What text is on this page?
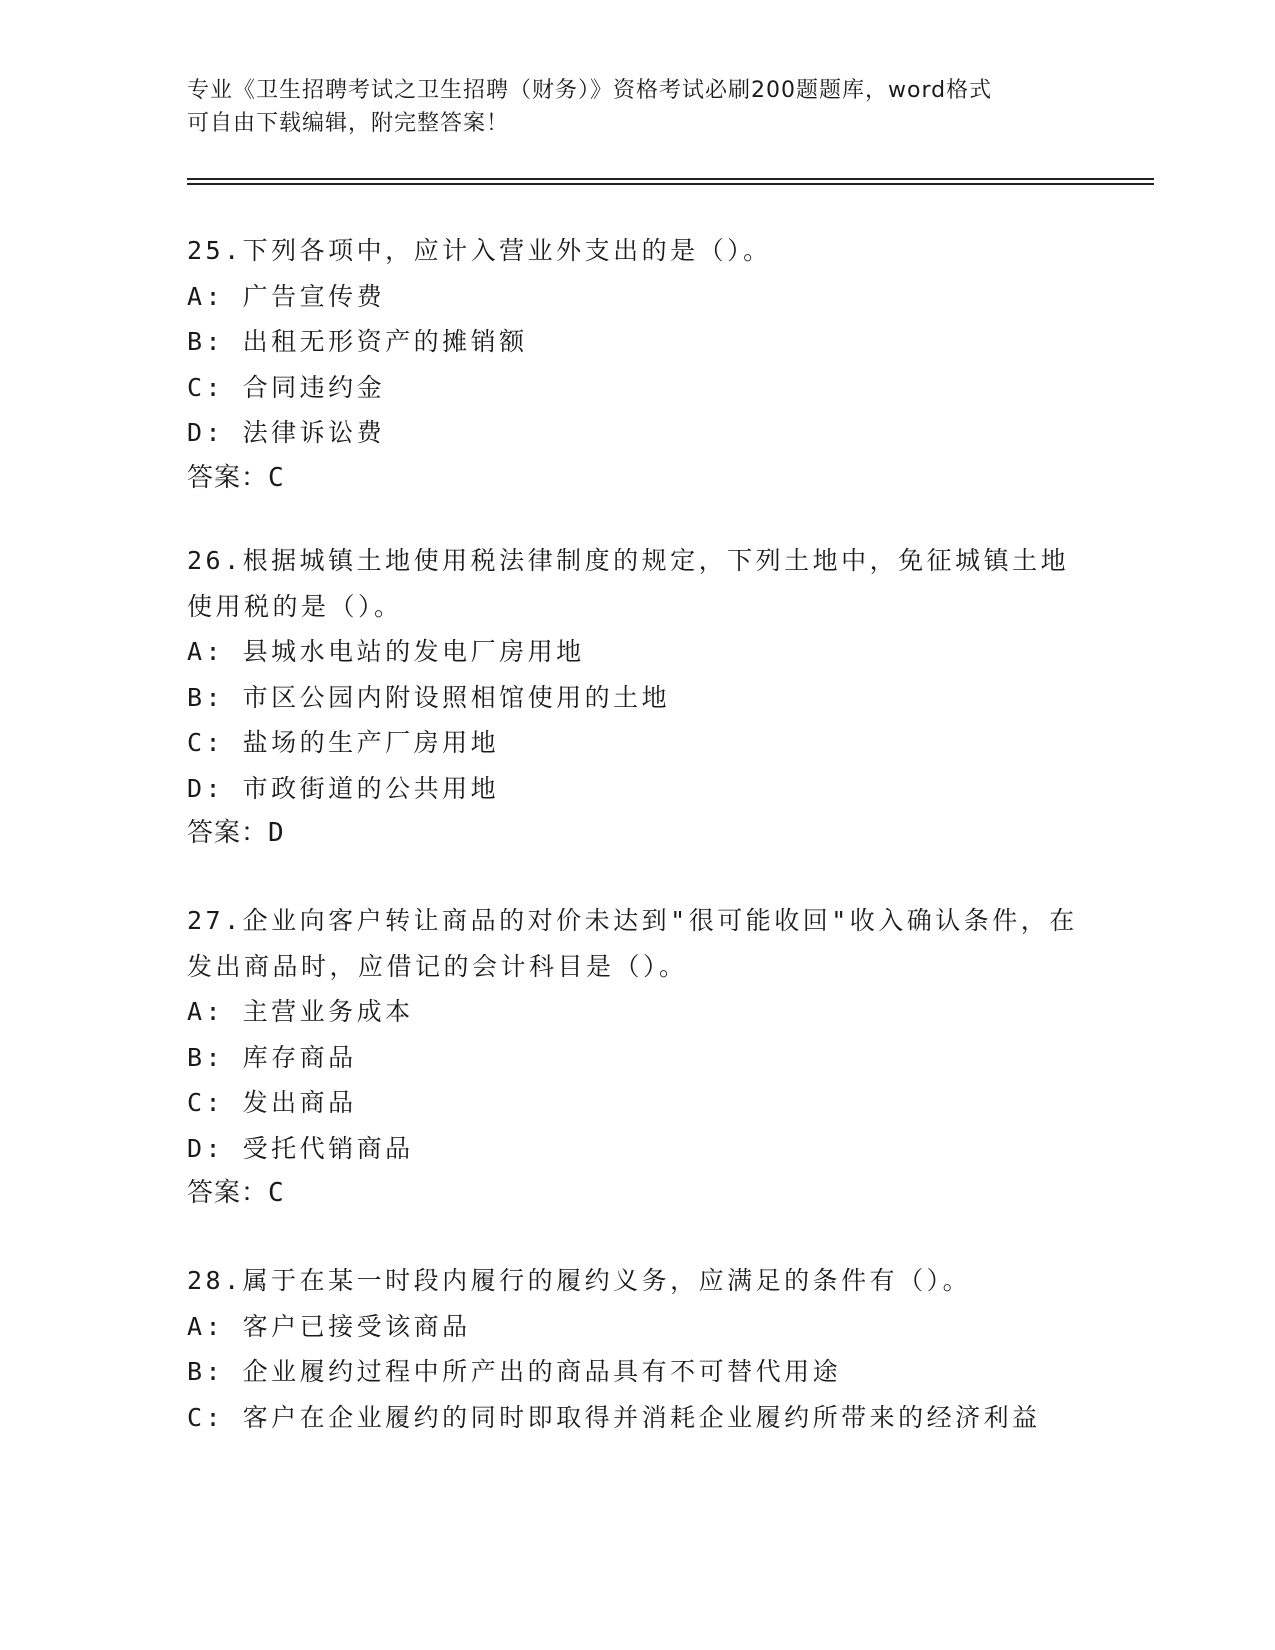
专业《卫生招聘考试之卫生招聘（财务）》资格考试必刷200题题库，word格式
可自由下载编辑，附完整答案！
25.下列各项中，应计入营业外支出的是（）。
A: 广告宣传费
B: 出租无形资产的摊销额
C: 合同违约金
D: 法律诉讼费
答案：C
26.根据城镇土地使用税法律制度的规定，下列土地中，免征城镇土地
使用税的是（）。
A: 县城水电站的发电厂房用地
B: 市区公园内附设照相馆使用的土地
C: 盐场的生产厂房用地
D: 市政街道的公共用地
答案：D
27.企业向客户转让商品的对价未达到"很可能收回"收入确认条件，在
发出商品时，应借记的会计科目是（）。
A: 主营业务成本
B: 库存商品
C: 发出商品
D: 受托代销商品
答案：C
28.属于在某一时段内履行的履约义务，应满足的条件有（）。
A: 客户已接受该商品
B: 企业履约过程中所产出的商品具有不可替代用途
C: 客户在企业履约的同时即取得并消耗企业履约所带来的经济利益
